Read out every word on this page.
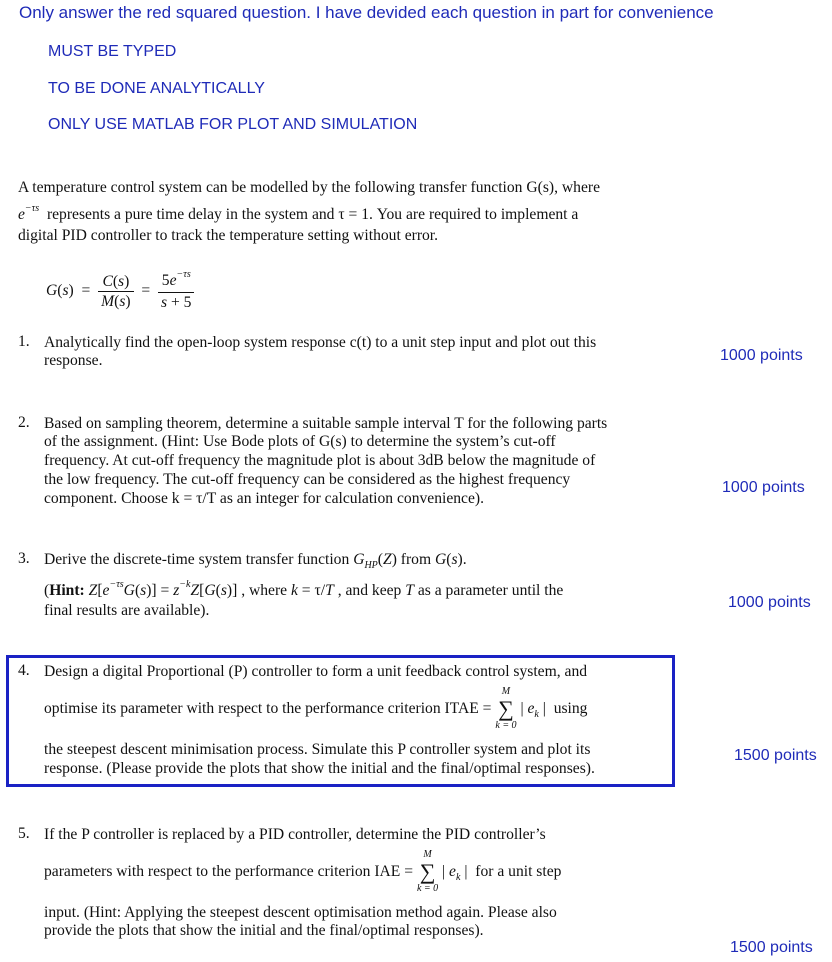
Only answer the red squared question. I have devided each question in part for convenience
MUST BE TYPED
TO BE DONE ANALYTICALLY
ONLY USE MATLAB FOR PLOT AND SIMULATION
A temperature control system can be modelled by the following transfer function G(s), where
$e^{-\tau s}$ represents a pure time delay in the system and τ = 1. You are required to implement a
digital PID controller to track the temperature setting without error.
$G(s) = \frac{C(s)}{M(s)} = \frac{5e^{-\tau s}}{s + 5}$
1. Analytically find the open-loop system response c(t) to a unit step input and plot out this
response.	1000 points
2. Based on sampling theorem, determine a suitable sample interval T for the following parts
of the assignment. (Hint: Use Bode plots of G(s) to determine the system’s cut-off
frequency. At cut-off frequency the magnitude plot is about 3dB below the magnitude of
the low frequency. The cut-off frequency can be considered as the highest frequency
component. Choose k = τ/T as an integer for calculation convenience).
1000 points
3. Derive the discrete-time system transfer function $G_{HP}(Z)$ from G(s).
(Hint: $Z[e^{-\tau s}G(s)] = z^{-k}Z[G(s)]$ , where k = τ/T , and keep T as a parameter until the
final results are available).	1000 points
4. Design a digital Proportional (P) controller to form a unit feedback control system, and
optimise its parameter with respect to the performance criterion ITAE =
M
∑
k = 0
| $e_k$ |  using
the steepest descent minimisation process. Simulate this P controller system and plot its
response. (Please provide the plots that show the initial and the final/optimal responses).
1500 points
5. If the P controller is replaced by a PID controller, determine the PID controller’s
parameters with respect to the performance criterion IAE =
M
∑
k = 0
| $e_k$ |  for a unit step
input. (Hint: Applying the steepest descent optimisation method again. Please also
provide the plots that show the initial and the final/optimal responses).
1500 points
